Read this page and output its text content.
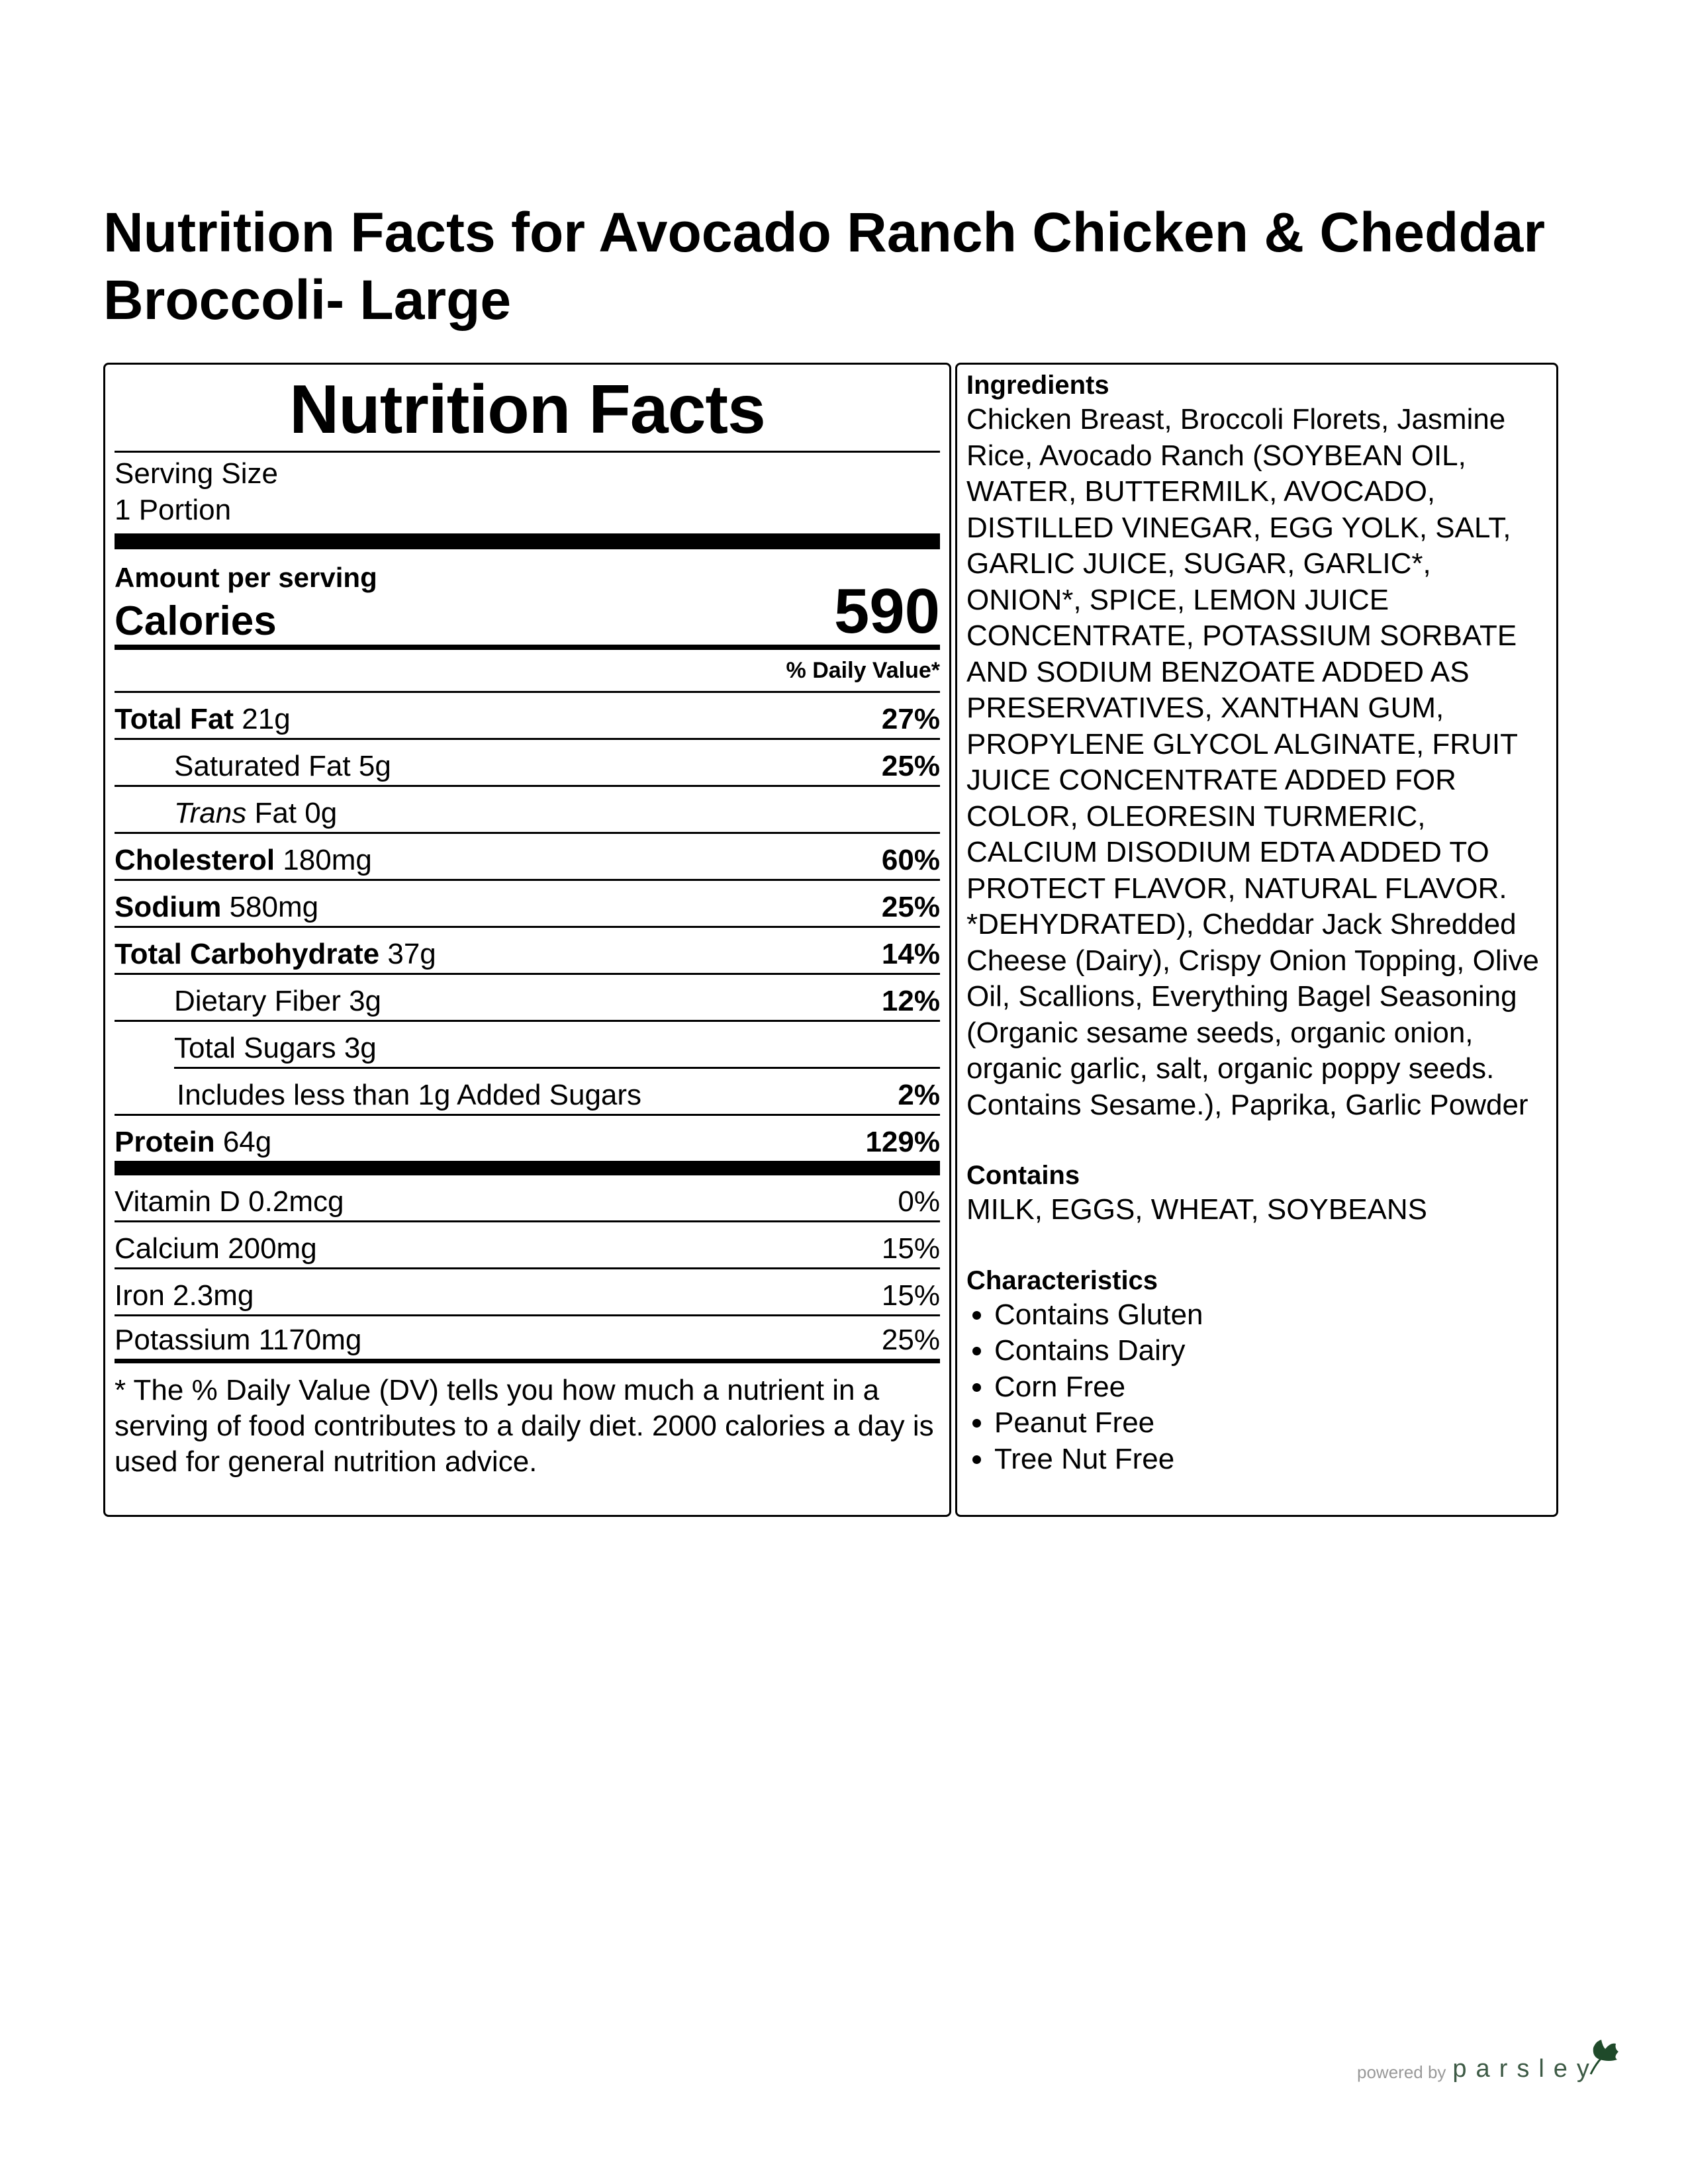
Nutrition Facts for Avocado Ranch Chicken & Cheddar Broccoli- Large
Nutrition Facts
Serving Size
1 Portion
Amount per serving
Calories	590
% Daily Value*
Total Fat 21g	27%
Saturated Fat 5g	25%
Trans Fat 0g
Cholesterol 180mg	60%
Sodium 580mg	25%
Total Carbohydrate 37g	14%
Dietary Fiber 3g	12%
Total Sugars 3g
Includes less than 1g Added Sugars	2%
Protein 64g	129%
Vitamin D 0.2mcg	0%
Calcium 200mg	15%
Iron 2.3mg	15%
Potassium 1170mg	25%
* The % Daily Value (DV) tells you how much a nutrient in a serving of food contributes to a daily diet. 2000 calories a day is used for general nutrition advice.
Ingredients

Chicken Breast, Broccoli Florets, Jasmine Rice, Avocado Ranch (SOYBEAN OIL, WATER, BUTTERMILK, AVOCADO, DISTILLED VINEGAR, EGG YOLK, SALT, GARLIC JUICE, SUGAR, GARLIC*, ONION*, SPICE, LEMON JUICE CONCENTRATE, POTASSIUM SORBATE AND SODIUM BENZOATE ADDED AS PRESERVATIVES, XANTHAN GUM, PROPYLENE GLYCOL ALGINATE, FRUIT JUICE CONCENTRATE ADDED FOR COLOR, OLEORESIN TURMERIC, CALCIUM DISODIUM EDTA ADDED TO PROTECT FLAVOR, NATURAL FLAVOR. *DEHYDRATED), Cheddar Jack Shredded Cheese (Dairy), Crispy Onion Topping, Olive Oil, Scallions, Everything Bagel Seasoning (Organic sesame seeds, organic onion, organic garlic, salt, organic poppy seeds. Contains Sesame.), Paprika, Garlic Powder

Contains

MILK, EGGS, WHEAT, SOYBEANS

Characteristics
• Contains Gluten
• Contains Dairy
• Corn Free
• Peanut Free
• Tree Nut Free
powered by parsley
